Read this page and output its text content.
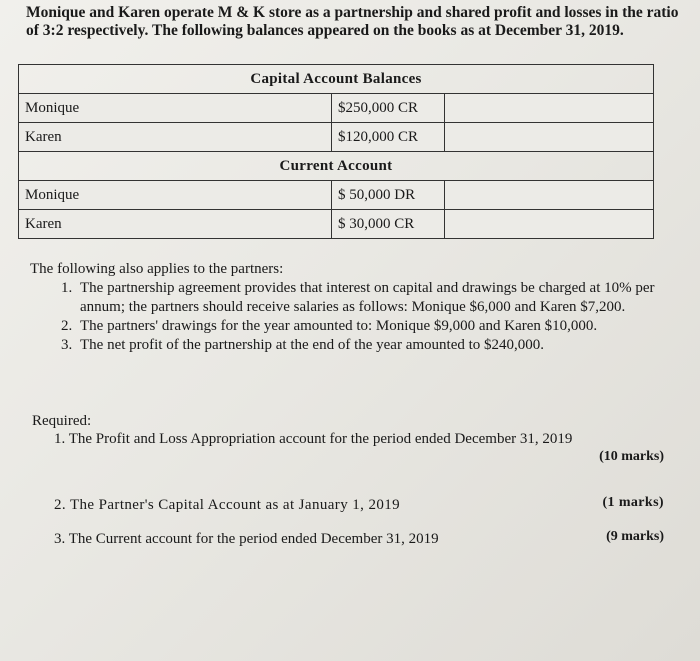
Monique and Karen operate M & K store as a partnership and shared profit and losses in the ratio
of 3:2 respectively. The following balances appeared on the books as at December 31, 2019.
Capital Account Balances		
Monique	$250,000 CR	
Karen	$120,000 CR	
Current Account		
Monique	$ 50,000 DR	
Karen	$ 30,000 CR	
The following also applies to the partners:
1. The partnership agreement provides that interest on capital and drawings be charged at 10% per annum; the partners should receive salaries as follows: Monique $6,000 and Karen $7,200.
2. The partners' drawings for the year amounted to: Monique $9,000 and Karen $10,000.
3. The net profit of the partnership at the end of the year amounted to $240,000.
Required:
1. The Profit and Loss Appropriation account for the period ended December 31, 2019
(10 marks)
2. The Partner's Capital Account as at January 1, 2019	(1 marks)
3. The Current account for the period ended December 31, 2019	(9 marks)
